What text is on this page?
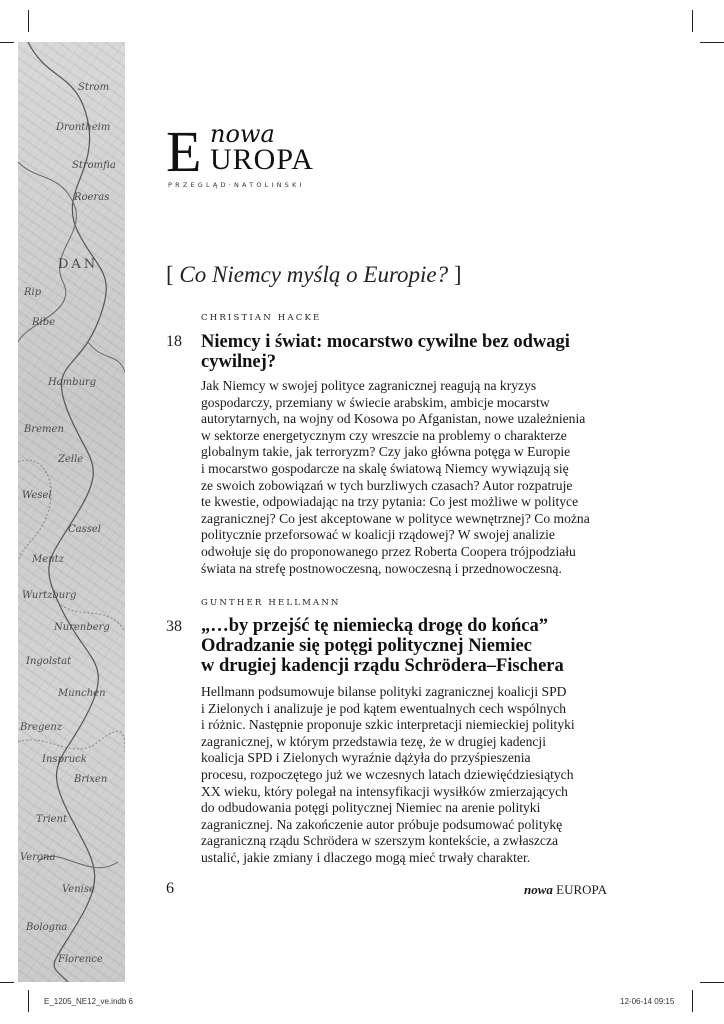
Strom
Drontheim
Stromfia
Roeras
DAN
Rip
Ribe
Hamburg
Bremen
Zelle
Wesel
Cassel
Mentz
Wurtzburg
Nurenberg
Ingolstat
Munchen
Bregenz
Inspruck
Brixen
Trient
Verona
Venise
Bologna
Florence
E nowa
UROPA
PRZEGLĄD·NATOLIŃSKI
[ Co Niemcy myślą o Europie? ]
CHRISTIAN HACKE
18 Niemcy i świat: mocarstwo cywilne bez odwagi
cywilnej?
Jak Niemcy w swojej polityce zagranicznej reagują na kryzys
gospodarczy, przemiany w świecie arabskim, ambicje mocarstw
autorytarnych, na wojny od Kosowa po Afganistan, nowe uzależnienia
w sektorze energetycznym czy wreszcie na problemy o charakterze
globalnym takie, jak terroryzm? Czy jako główna potęga w Europie
i mocarstwo gospodarcze na skalę światową Niemcy wywiązują się
ze swoich zobowiązań w tych burzliwych czasach? Autor rozpatruje
te kwestie, odpowiadając na trzy pytania: Co jest możliwe w polityce
zagranicznej? Co jest akceptowane w polityce wewnętrznej? Co można
politycznie przeforsować w koalicji rządowej? W swojej analizie
odwołuje się do proponowanego przez Roberta Coopera trójpodziału
świata na strefę postnowoczesną, nowoczesną i przednowoczesną.
GUNTHER HELLMANN
38 „…by przejść tę niemiecką drogę do końca”
Odradzanie się potęgi politycznej Niemiec
w drugiej kadencji rządu Schrödera–Fischera
Hellmann podsumowuje bilanse polityki zagranicznej koalicji SPD
i Zielonych i analizuje je pod kątem ewentualnych cech wspólnych
i różnic. Następnie proponuje szkic interpretacji niemieckiej polityki
zagranicznej, w którym przedstawia tezę, że w drugiej kadencji
koalicja SPD i Zielonych wyraźnie dążyła do przyśpieszenia
procesu, rozpoczętego już we wczesnych latach dziewięćdziesiątych
XX wieku, który polegał na intensyfikacji wysiłków zmierzających
do odbudowania potęgi politycznej Niemiec na arenie polityki
zagranicznej. Na zakończenie autor próbuje podsumować politykę
zagraniczną rządu Schrödera w szerszym kontekście, a zwłaszcza
ustalić, jakie zmiany i dlaczego mogą mieć trwały charakter.
6	nowa EUROPA
E_1205_NE12_ve.indb 6	12-06-14 09:15
